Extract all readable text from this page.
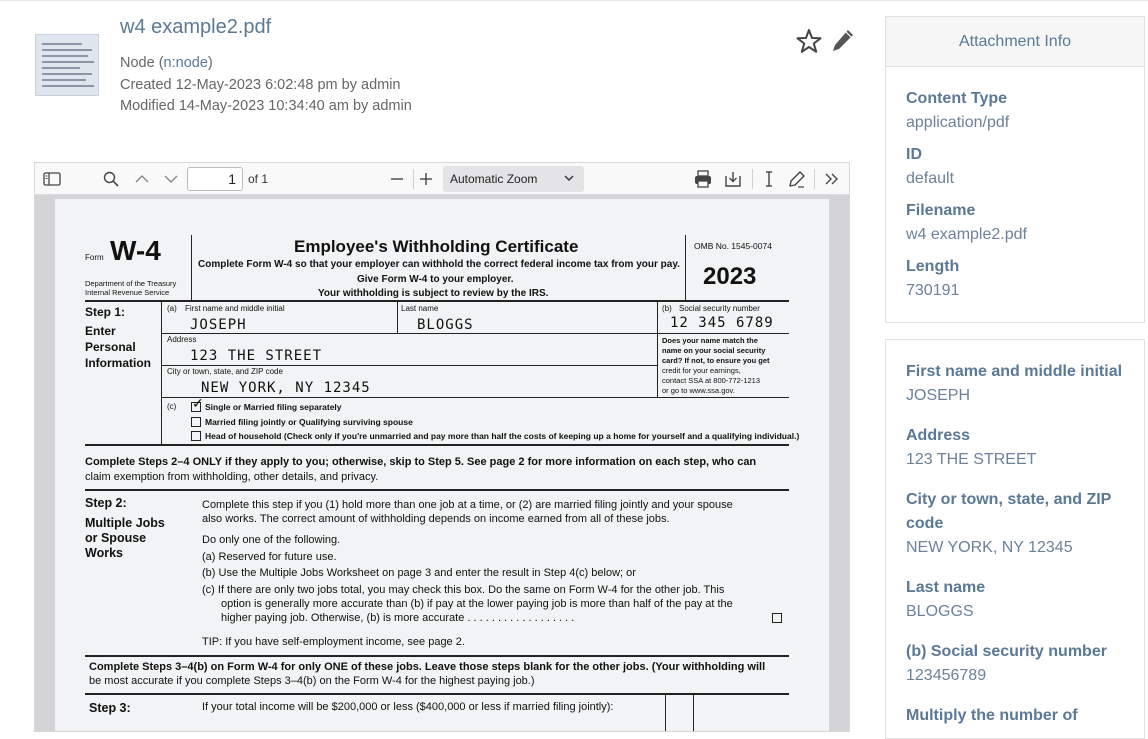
w4 example2.pdf
Node (n:node)
Created 12-May-2023 6:02:48 pm by admin
Modified 14-May-2023 10:34:40 am by admin
1	of 1	Automatic Zoom
Form W-4
Department of the Treasury
Internal Revenue Service
Employee's Withholding Certificate
Complete Form W-4 so that your employer can withhold the correct federal income tax from your pay.
Give Form W-4 to your employer.
Your withholding is subject to review by the IRS.
OMB No. 1545-0074
2023
Step 1:
Enter
Personal
Information
(a) First name and middle initial
JOSEPH
Last name
BLOGGS
(b) Social security number
12 345 6789
Address
123 THE STREET
City or town, state, and ZIP code
NEW YORK, NY 12345
Does your name match the
name on your social security
card? If not, to ensure you get
credit for your earnings,
contact SSA at 800-772-1213
or go to www.ssa.gov.
(c) ✓ Single or Married filing separately
Married filing jointly or Qualifying surviving spouse
Head of household (Check only if you're unmarried and pay more than half the costs of keeping up a home for yourself and a qualifying individual.)
Complete Steps 2–4 ONLY if they apply to you; otherwise, skip to Step 5. See page 2 for more information on each step, who can
claim exemption from withholding, other details, and privacy.
Step 2:
Multiple Jobs
or Spouse
Works
Complete this step if you (1) hold more than one job at a time, or (2) are married filing jointly and your spouse
also works. The correct amount of withholding depends on income earned from all of these jobs.
Do only one of the following.
(a) Reserved for future use.
(b) Use the Multiple Jobs Worksheet on page 3 and enter the result in Step 4(c) below; or
(c) If there are only two jobs total, you may check this box. Do the same on Form W-4 for the other job. This
option is generally more accurate than (b) if pay at the lower paying job is more than half of the pay at the
higher paying job. Otherwise, (b) is more accurate . . . . . . . . . . . . . . . . . .
TIP: If you have self-employment income, see page 2.
Complete Steps 3–4(b) on Form W-4 for only ONE of these jobs. Leave those steps blank for the other jobs. (Your withholding will
be most accurate if you complete Steps 3–4(b) on the Form W-4 for the highest paying job.)
Step 3:	If your total income will be $200,000 or less ($400,000 or less if married filing jointly):
Attachment Info
Content Type
application/pdf
ID
default
Filename
w4 example2.pdf
Length
730191
First name and middle initial
JOSEPH
Address
123 THE STREET
City or town, state, and ZIP code
NEW YORK, NY 12345
Last name
BLOGGS
(b) Social security number
123456789
Multiply the number of
